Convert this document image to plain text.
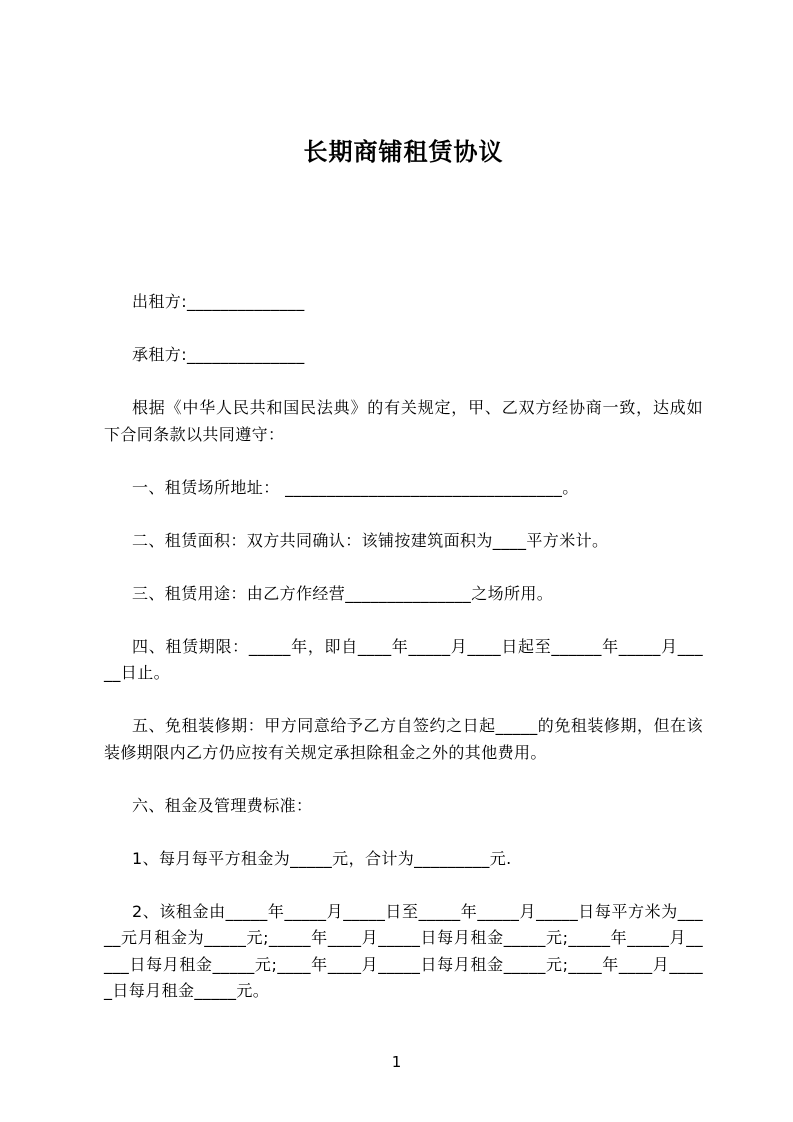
长期商铺租赁协议

出租方:______________

承租方:______________

根据《中华人民共和国民法典》的有关规定，甲、乙双方经协商一致，达成如下合同条款以共同遵守：

一、租赁场所地址： _________________________________。

二、租赁面积：双方共同确认：该铺按建筑面积为____平方米计。

三、租赁用途：由乙方作经营_______________之场所用。

四、租赁期限：_____年，即自____年_____月____日起至______年_____月_____日止。

五、免租装修期：甲方同意给予乙方自签约之日起_____的免租装修期，但在该装修期限内乙方仍应按有关规定承担除租金之外的其他费用。

六、租金及管理费标准：

1、每月每平方租金为_____元，合计为_________元.

2、该租金由_____年_____月_____日至_____年_____月_____日每平方米为_____元月租金为_____元;_____年____月_____日每月租金_____元;_____年_____月_____日每月租金_____元;____年____月_____日每月租金_____元;____年____月_____日每月租金_____元。

1
